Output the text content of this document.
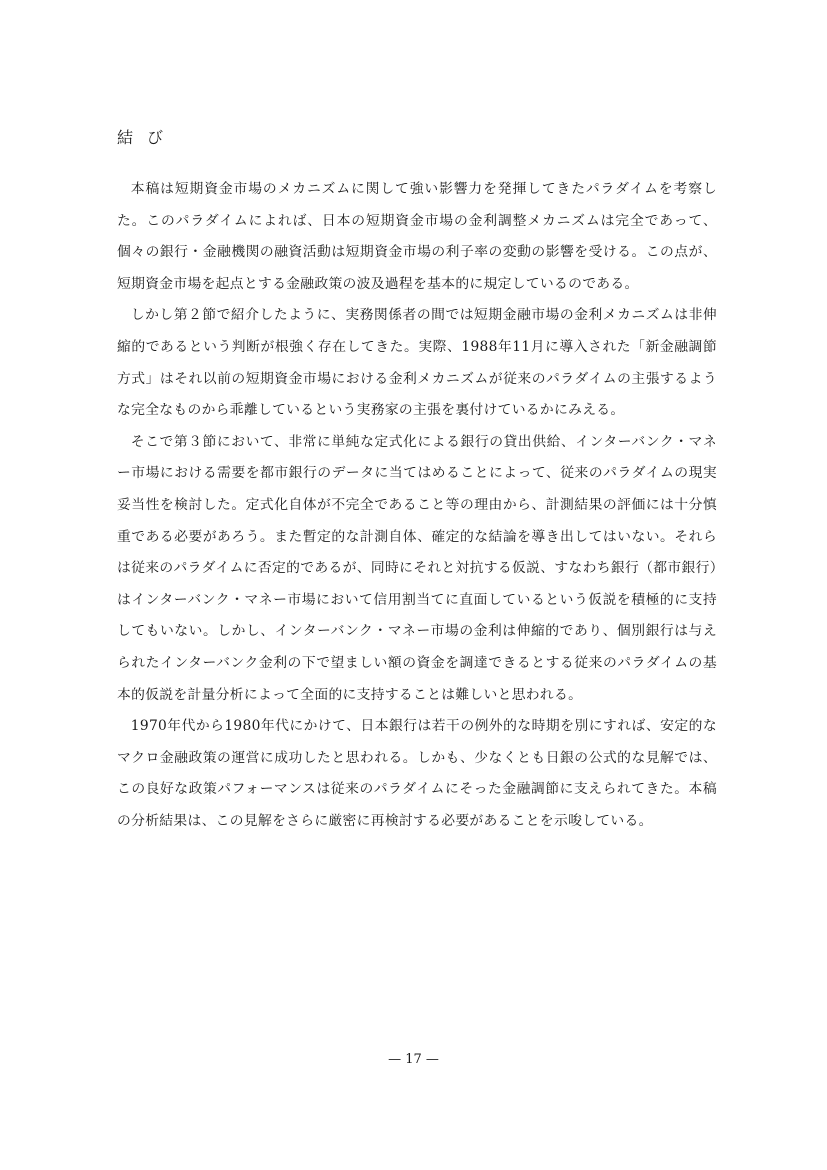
結び

本稿は短期資金市場のメカニズムに関して強い影響力を発揮してきたパラダイムを考察した。このパラダイムによれば、日本の短期資金市場の金利調整メカニズムは完全であって、個々の銀行・金融機関の融資活動は短期資金市場の利子率の変動の影響を受ける。この点が、短期資金市場を起点とする金融政策の波及過程を基本的に規定しているのである。

しかし第２節で紹介したように、実務関係者の間では短期金融市場の金利メカニズムは非伸縮的であるという判断が根強く存在してきた。実際、1988年11月に導入された「新金融調節方式」はそれ以前の短期資金市場における金利メカニズムが従来のパラダイムの主張するような完全なものから乖離しているという実務家の主張を裏付けているかにみえる。

そこで第３節において、非常に単純な定式化による銀行の貸出供給、インターバンク・マネー市場における需要を都市銀行のデータに当てはめることによって、従来のパラダイムの現実妥当性を検討した。定式化自体が不完全であること等の理由から、計測結果の評価には十分慎重である必要があろう。また暫定的な計測自体、確定的な結論を導き出してはいない。それらは従来のパラダイムに否定的であるが、同時にそれと対抗する仮説、すなわち銀行（都市銀行）はインターバンク・マネー市場において信用割当てに直面しているという仮説を積極的に支持してもいない。しかし、インターバンク・マネー市場の金利は伸縮的であり、個別銀行は与えられたインターバンク金利の下で望ましい額の資金を調達できるとする従来のパラダイムの基本的仮説を計量分析によって全面的に支持することは難しいと思われる。

1970年代から1980年代にかけて、日本銀行は若干の例外的な時期を別にすれば、安定的なマクロ金融政策の運営に成功したと思われる。しかも、少なくとも日銀の公式的な見解では、この良好な政策パフォーマンスは従来のパラダイムにそった金融調節に支えられてきた。本稿の分析結果は、この見解をさらに厳密に再検討する必要があることを示唆している。

— 17 —
